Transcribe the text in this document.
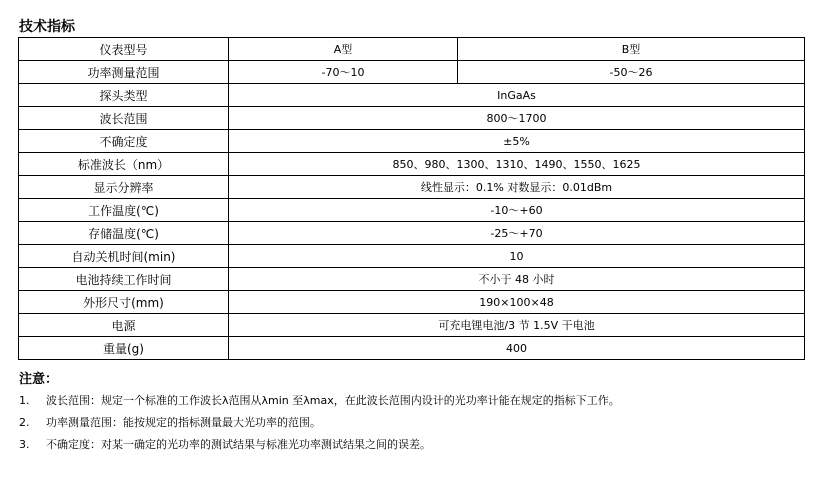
技术指标
仪表型号	A型	B型
功率测量范围	-70～10	-50～26
探头类型	InGaAs	
波长范围	800～1700	
不确定度	±5%	
标准波长（nm）	850、980、1300、1310、1490、1550、1625	
显示分辨率	线性显示：0.1% 对数显示：0.01dBm	
工作温度(℃)	-10～+60	
存储温度(℃)	-25～+70	
自动关机时间(min)	10	
电池持续工作时间	不小于 48 小时	
外形尺寸(mm)	190×100×48	
电源	可充电锂电池/3 节 1.5V 干电池	
重量(g)	400	
注意：
1. 波长范围：规定一个标准的工作波长λ范围从λmin 至λmax，在此波长范围内设计的光功率计能在规定的指标下工作。
2. 功率测量范围：能按规定的指标测量最大光功率的范围。
3. 不确定度：对某一确定的光功率的测试结果与标准光功率测试结果之间的误差。
